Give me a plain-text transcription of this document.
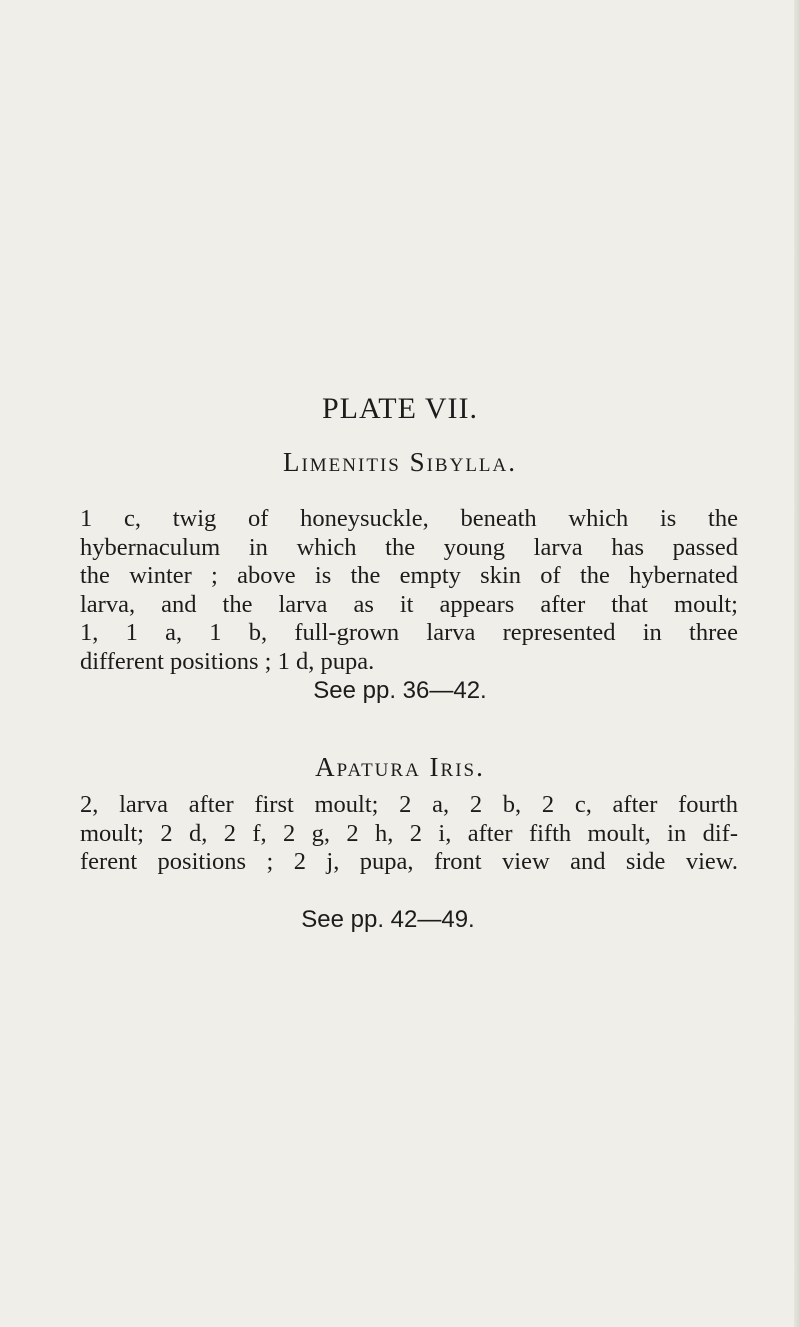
PLATE VII.
Limenitis Sibylla.
1 c, twig of honeysuckle, beneath which is the
hybernaculum in which the young larva has passed
the winter ; above is the empty skin of the hybernated
larva, and the larva as it appears after that moult;
1, 1 a, 1 b, full-grown larva represented in three
different positions ; 1 d, pupa.

See pp. 36—42.

Apatura Iris.
2, larva after first moult; 2 a, 2 b, 2 c, after fourth
moult; 2 d, 2 f, 2 g, 2 h, 2 i, after fifth moult, in dif-
ferent positions ; 2 j, pupa, front view and side view.

See pp. 42—49.
